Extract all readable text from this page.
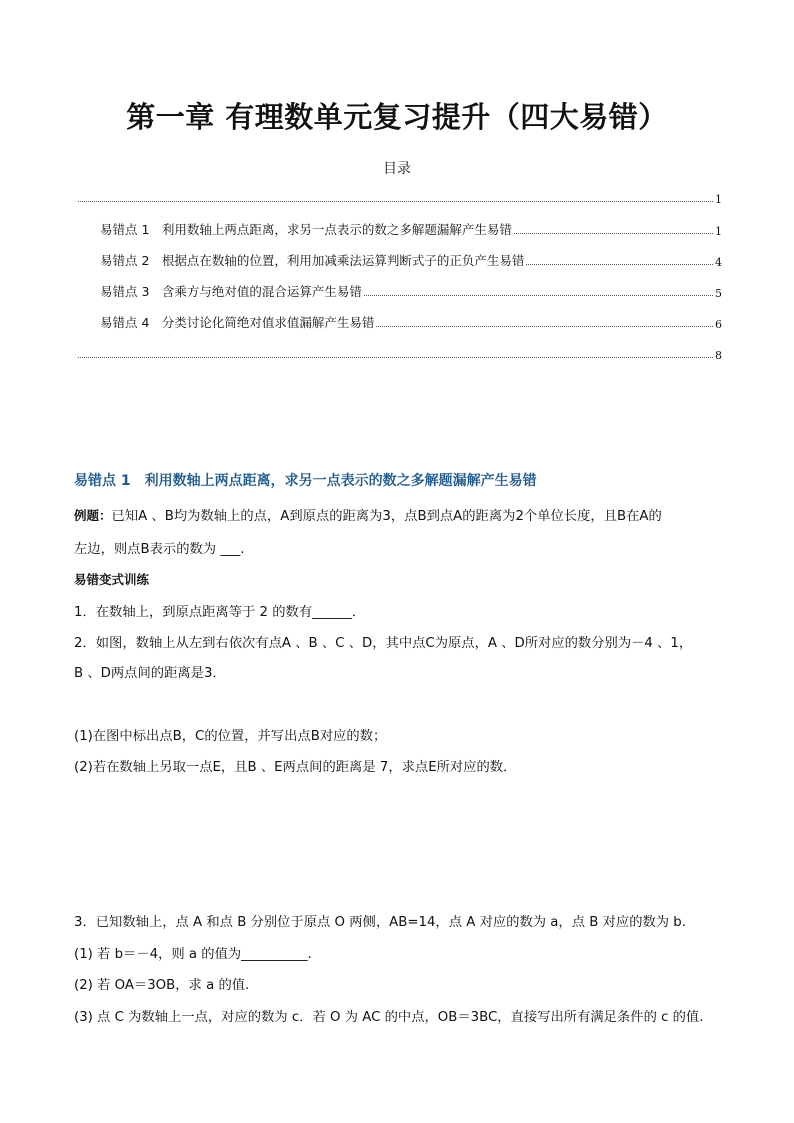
第一章 有理数单元复习提升（四大易错）
目录
1
易错点 1　利用数轴上两点距离，求另一点表示的数之多解题漏解产生易错	1
易错点 2　根据点在数轴的位置，利用加减乘法运算判断式子的正负产生易错	4
易错点 3　含乘方与绝对值的混合运算产生易错	5
易错点 4　分类讨论化简绝对值求值漏解产生易错	6
8
易错点 1　利用数轴上两点距离，求另一点表示的数之多解题漏解产生易错
例题：已知A 、B均为数轴上的点，A到原点的距离为3，点B到点A的距离为2个单位长度，且B在A的
左边，则点B表示的数为 ___.
易错变式训练
1．在数轴上，到原点距离等于 2 的数有______．
2．如图，数轴上从左到右依次有点A 、B 、C 、D，其中点C为原点，A 、D所对应的数分别为－4 、1，
B 、D两点间的距离是3．
(1)在图中标出点B，C的位置，并写出点B对应的数；
(2)若在数轴上另取一点E，且B 、E两点间的距离是 7，求点E所对应的数．
3．已知数轴上，点 A 和点 B 分别位于原点 O 两侧，AB=14，点 A 对应的数为 a，点 B 对应的数为 b.
(1) 若 b＝－4，则 a 的值为__________.
(2) 若 OA＝3OB，求 a 的值.
(3) 点 C 为数轴上一点，对应的数为 c．若 O 为 AC 的中点，OB＝3BC，直接写出所有满足条件的 c 的值.
